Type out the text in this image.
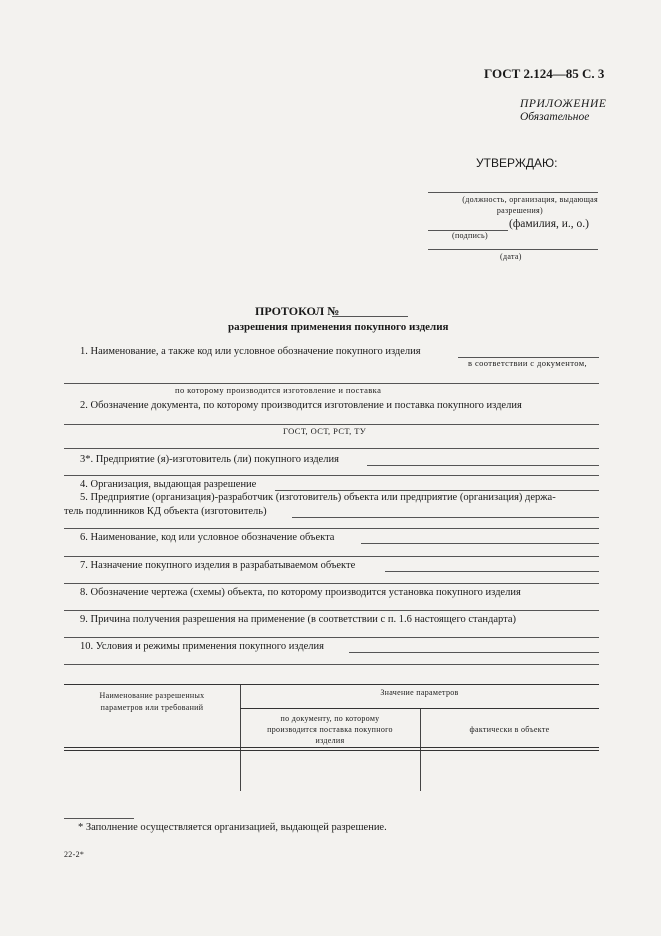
ГОСТ 2.124—85 С. 3
ПРИЛОЖЕНИЕ
Обязательное
УТВЕРЖДАЮ:
(должность, организация, выдающая
разрешения)
(фамилия, и., о.)
(подпись)
(дата)
ПРОТОКОЛ №
разрешения применения покупного изделия
1. Наименование, а также код или условное обозначение покупного изделия
в соответствии с документом,
по которому производится изготовление и поставка
2. Обозначение документа, по которому производится изготовление и поставка покупного изделия
ГОСТ, ОСТ, РСТ, ТУ
3*. Предприятие (я)-изготовитель (ли) покупного изделия
4. Организация, выдающая разрешение
5. Предприятие (организация)-разработчик (изготовитель) объекта или предприятие (организация) держа-
тель подлинников КД объекта (изготовитель)
6. Наименование, код или условное обозначение объекта
7. Назначение покупного изделия в разрабатываемом объекте
8. Обозначение чертежа (схемы) объекта, по которому производится установка покупного изделия
9. Причина получения разрешения на применение (в соответствии с п. 1.6 настоящего стандарта)
10. Условия и режимы применения покупного изделия
Наименование разрешенных
параметров или требований
Значение параметров
по документу, по которому
производится поставка покупного
изделия
фактически в объекте
* Заполнение осуществляется организацией, выдающей разрешение.
22-2*
